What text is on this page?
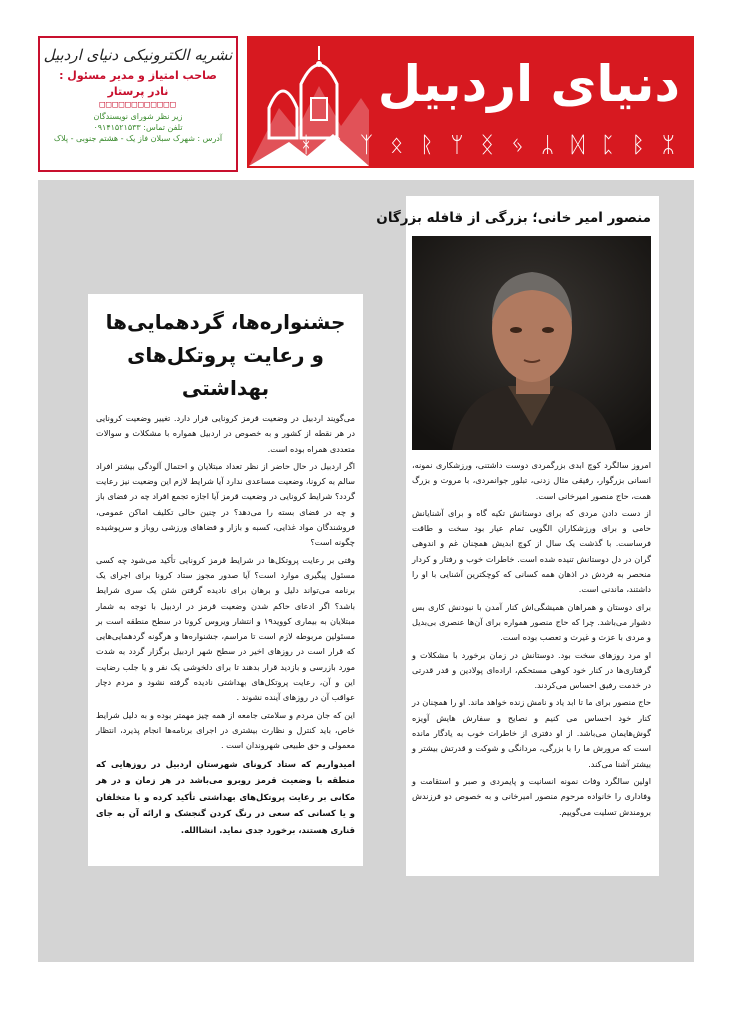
نشریه الکترونیکی دنیای اردبیل
صاحب امتیاز و مدیر مسئول :
نادر پرستار
□□□□□□□□□□□□
زیر نظر شورای نویسندگان
تلفن تماس: ۰۹۱۴۱۵۲۱۵۳۳
آدرس : شهرک سبلان فاز یک - هشتم جنوبی - پلاک
دنیای اردبیل
ᚼ ᛏ ᛉ ᛟ ᚱ ᛘ ᛝ ᛃ ᛦ ᛞ ᛈ ᛒ ᛯ
منصور امیر خانی؛ بزرگی از قافله بزرگان

امروز سالگرد کوچ ابدی بزرگمردی دوست داشتنی، ورزشکاری نمونه، انسانی بزرگوار، رفیقی مثال زدنی، تبلور جوانمردی، با مروت و بزرگ همت، حاج منصور امیرخانی است.

از دست دادن مردی که برای دوستانش تکیه گاه و برای آشنایانش حامی و برای ورزشکاران الگویی تمام عیار بود سخت و طاقت فرساست. با گذشت یک سال از کوچ ابدیش همچنان غم و اندوهی گران در دل دوستانش تنیده شده است. خاطرات خوب و رفتار و کردار منحصر به فردش در اذهان همه کسانی که کوچکترین آشنایی با او را داشتند، ماندنی است.

برای دوستان و همراهان همیشگی‌اش کنار آمدن با نبودنش کاری بس دشوار می‌باشد. چرا که حاج منصور همواره برای آن‌ها عنصری بی‌بدیل و مردی با عزت و غیرت و تعصب بوده است.

او مرد روزهای سخت بود. دوستانش در زمان برخورد با مشکلات و گرفتاری‌ها در کنار خود کوهی مستحکم، اراده‌ای پولادین و قدر قدرتی در خدمت رفیق احساس می‌کردند.

حاج منصور برای ما تا ابد یاد و نامش زنده خواهد ماند. او را همچنان در کنار خود احساس می کنیم و نصایح و سفارش هایش آویزه گوش‌هایمان می‌باشد. از او دفتری از خاطرات خوب به یادگار مانده است که مرورش ما را با بزرگی، مردانگی و شوکت و قدرتش بیشتر و بیشتر آشنا می‌کند.

اولین سالگرد وفات نمونه انسانیت و پایمردی و صبر و استقامت و وفاداری را خانواده مرحوم منصور امیرخانی و به خصوص دو فرزندش برومندش تسلیت می‌گوییم.

جشنواره‌ها، گردهمایی‌ها
و رعایت پروتکل‌های بهداشتی

می‌گویند اردبیل در وضعیت قرمز کرونایی قرار دارد. تغییر وضعیت کرونایی در هر نقطه از کشور و به خصوص در اردبیل همواره با مشکلات و سوالات متعددی همراه بوده است.

اگر اردبیل در حال حاضر از نظر تعداد مبتلایان و احتمال آلودگی بیشتر افراد سالم به کرونا، وضعیت مساعدی ندارد آیا شرایط لازم این وضعیت نیز رعایت گردد؟ شرایط کرونایی در وضعیت قرمز آیا اجازه تجمع افراد چه در فضای باز و چه در فضای بسته را می‌دهد؟ در چنین حالی تکلیف اماکن عمومی، فروشندگان مواد غذایی، کسبه و بازار و فضاهای ورزشی روباز و سرپوشیده چگونه است؟

وقتی بر رعایت پروتکل‌ها در شرایط قرمز کرونایی تأکید می‌شود چه کسی مسئول پیگیری موارد است؟ آیا صدور مجوز ستاد کرونا برای اجرای یک برنامه می‌تواند دلیل و برهان برای نادیده گرفتن شئن یک سری شرایط باشد؟ اگر ادعای حاکم شدن وضعیت قرمز در اردبیل با توجه به شمار مبتلایان به بیماری کووید۱۹ و انتشار ویروس کرونا در سطح منطقه است بر مسئولین مربوطه لازم است تا مراسم، جشنواره‌ها و هرگونه گردهمایی‌هایی که قرار است در روزهای اخیر در سطح شهر اردبیل برگزار گردد به شدت مورد بازرسی و بازدید قرار بدهند تا برای دلخوشی یک نفر و یا جلب رضایت این و آن، رعایت پروتکل‌های بهداشتی نادیده گرفته نشود و مردم دچار عواقب آن در روزهای آینده نشوند .

این که جان مردم و سلامتی جامعه از همه چیز مهمتر بوده و به دلیل شرایط خاص، باید کنترل و نظارت بیشتری در اجرای برنامه‌ها انجام پذیرد، انتظار معمولی و حق طبیعی شهروندان است .

امیدواریم که ستاد کرونای شهرستان اردبیل در روزهایی که منطقه با وضعیت قرمز روبرو می‌باشد در هر زمان و در هر مکانی بر رعایت پروتکل‌های بهداشتی تأکید کرده و با متخلفان و یا کسانی که سعی در رنگ کردن گنجشک و ارائه آن به جای قناری هستند، برخورد جدی نماید. انشاالله.
